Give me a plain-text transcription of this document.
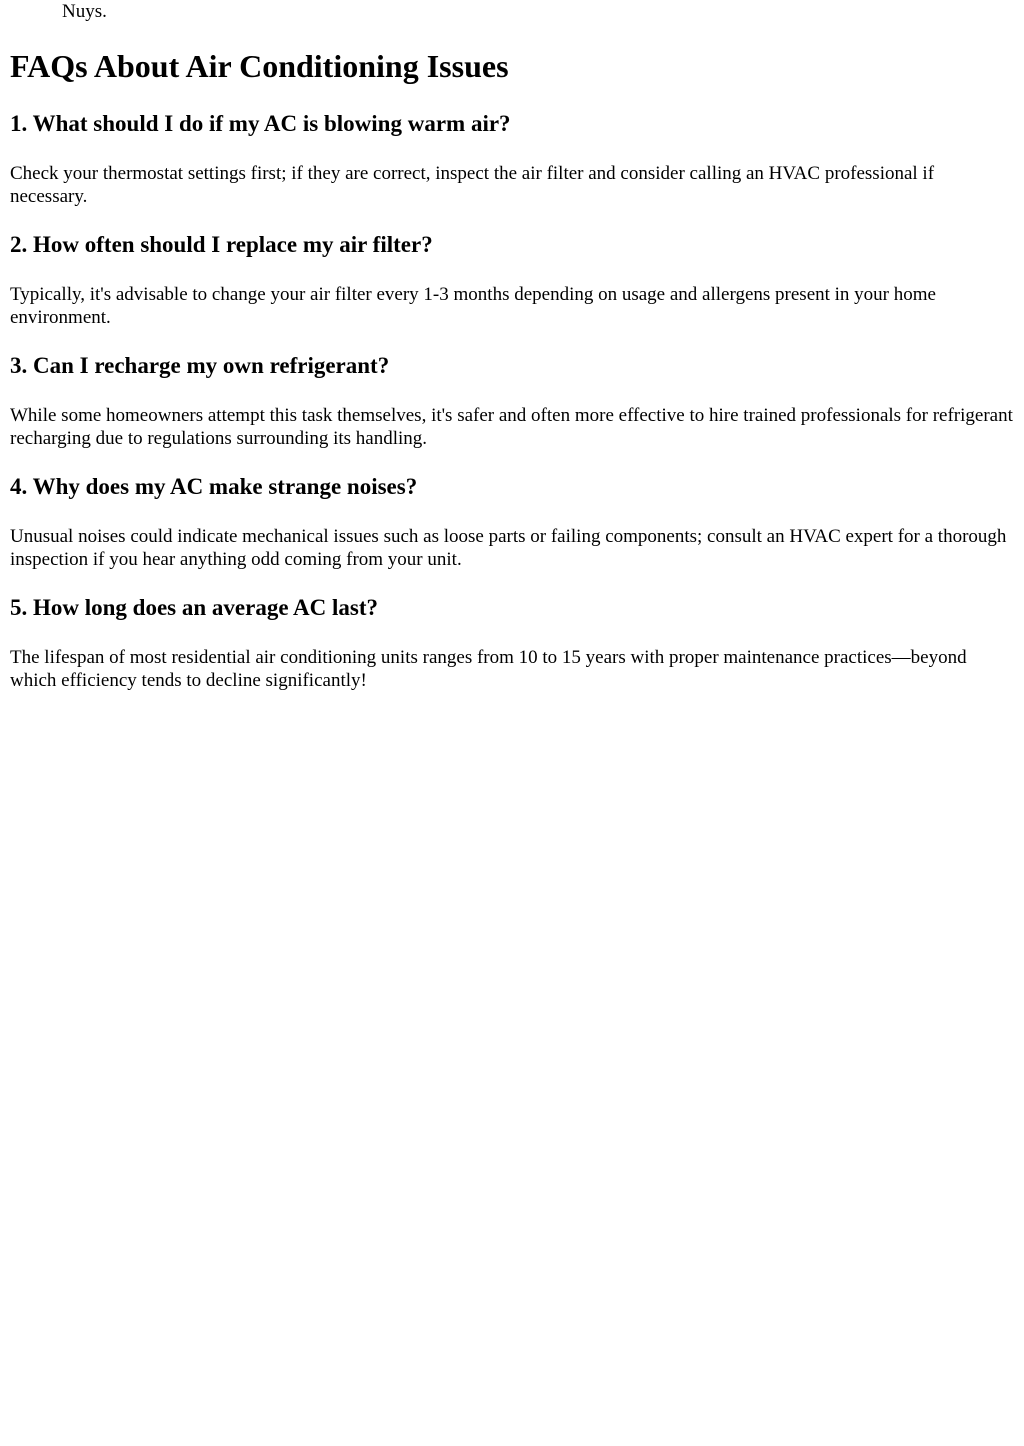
Nuys.

FAQs About Air Conditioning Issues
1. What should I do if my AC is blowing warm air?

Check your thermostat settings first; if they are correct, inspect the air filter and consider calling an HVAC professional if necessary.

2. How often should I replace my air filter?

Typically, it's advisable to change your air filter every 1-3 months depending on usage and allergens present in your home environment.

3. Can I recharge my own refrigerant?

While some homeowners attempt this task themselves, it's safer and often more effective to hire trained professionals for refrigerant recharging due to regulations surrounding its handling.

4. Why does my AC make strange noises?

Unusual noises could indicate mechanical issues such as loose parts or failing components; consult an HVAC expert for a thorough inspection if you hear anything odd coming from your unit.

5. How long does an average AC last?

The lifespan of most residential air conditioning units ranges from 10 to 15 years with proper maintenance practices—beyond which efficiency tends to decline significantly!
